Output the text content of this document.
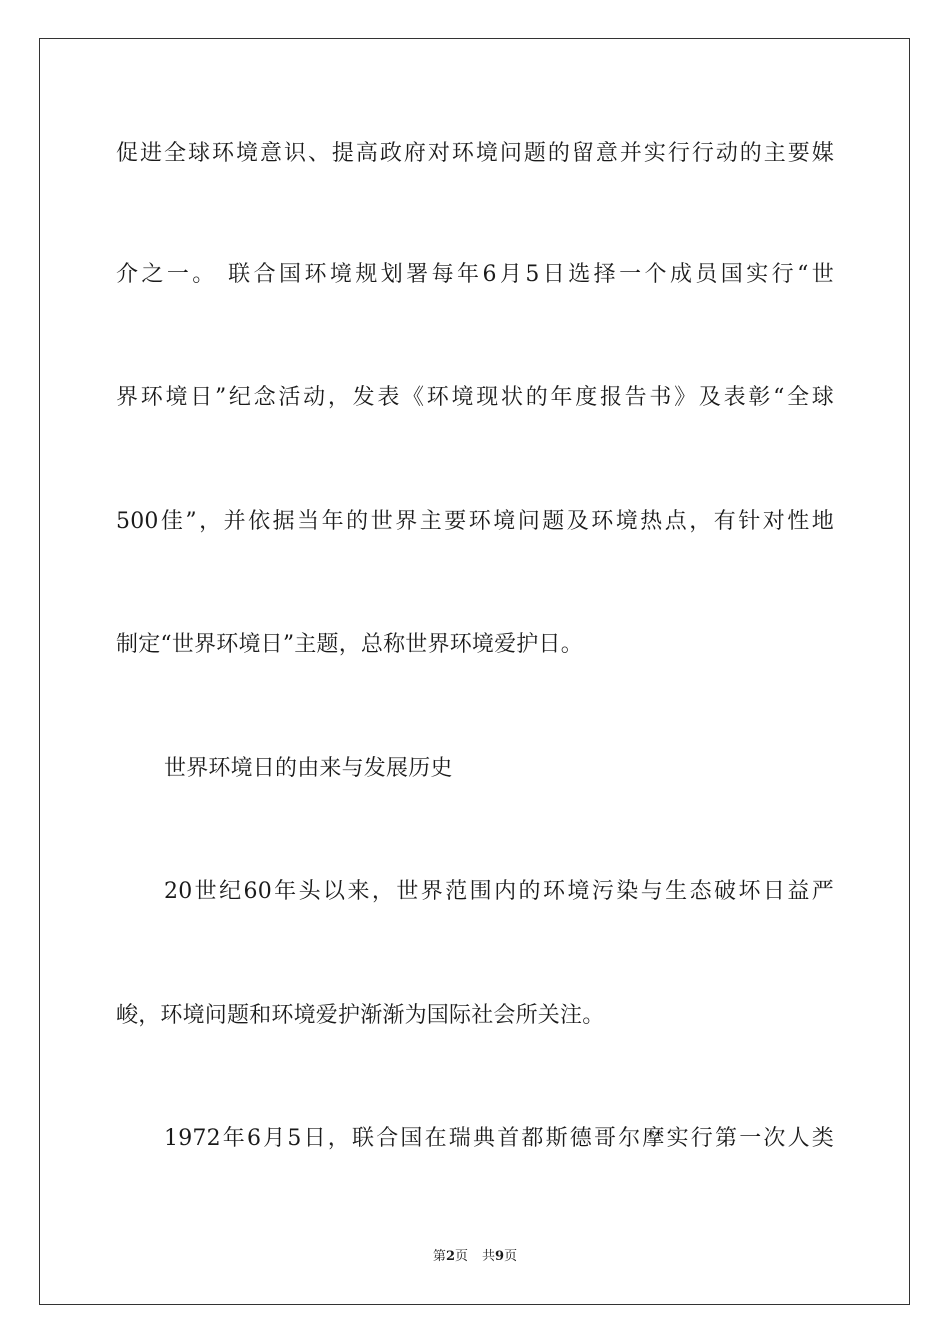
促进全球环境意识、提高政府对环境问题的留意并实行行动的主要媒
介之一。 联合国环境规划署每年6月5日选择一个成员国实行“世
界环境日”纪念活动，发表《环境现状的年度报告书》及表彰“全球
500佳”，并依据当年的世界主要环境问题及环境热点，有针对性地
制定“世界环境日”主题，总称世界环境爱护日。
世界环境日的由来与发展历史
20世纪60年头以来，世界范围内的环境污染与生态破坏日益严
峻，环境问题和环境爱护渐渐为国际社会所关注。
1972年6月5日，联合国在瑞典首都斯德哥尔摩实行第一次人类
第2页 共9页
